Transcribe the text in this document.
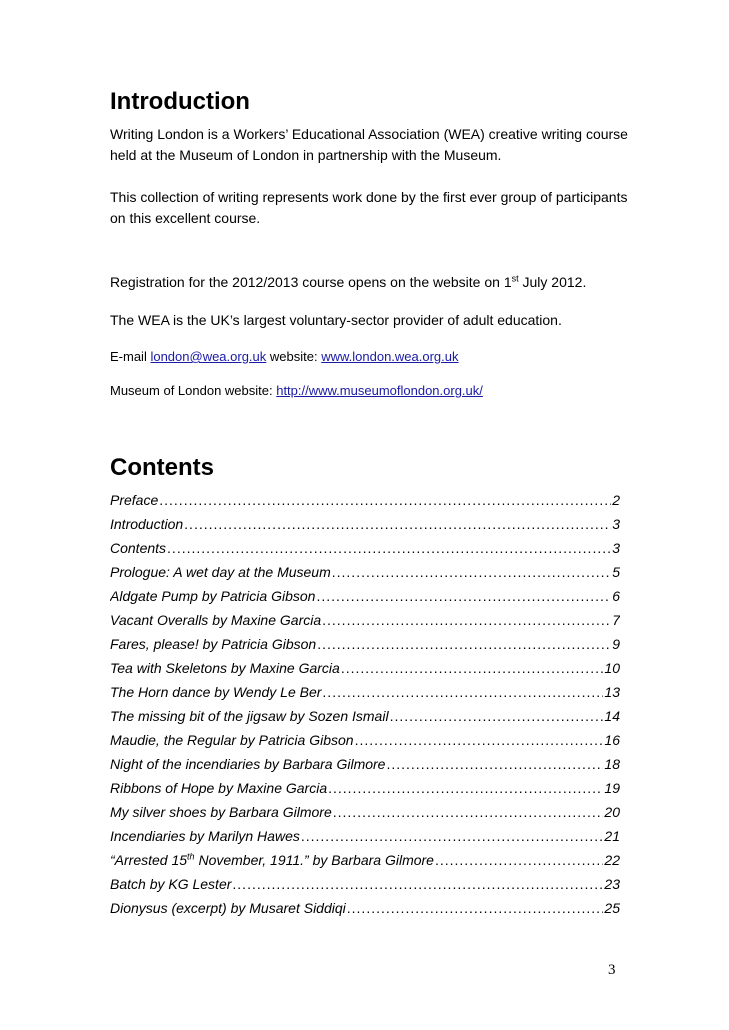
Introduction

Writing London is a Workers’ Educational Association (WEA) creative writing course held at the Museum of London in partnership with the Museum.

This collection of writing represents work done by the first ever group of participants on this excellent course.

Registration for the 2012/2013 course opens on the website on 1st July 2012.

The WEA is the UK’s largest voluntary-sector provider of adult education.

E-mail london@wea.org.uk website: www.london.wea.org.uk

Museum of London website: http://www.museumoflondon.org.uk/

Contents
Preface .....	2
Introduction .....	3
Contents .....	3
Prologue: A wet day at the Museum .....	5
Aldgate Pump by Patricia Gibson .....	6
Vacant Overalls by Maxine Garcia .....	7
Fares, please! by Patricia Gibson .....	9
Tea with Skeletons by Maxine Garcia .....	10
The Horn dance by Wendy Le Ber .....	13
The missing bit of the jigsaw by Sozen Ismail .....	14
Maudie, the Regular by Patricia Gibson .....	16
Night of the incendiaries by Barbara Gilmore .....	18
Ribbons of Hope by Maxine Garcia .....	19
My silver shoes by Barbara Gilmore .....	20
Incendiaries by Marilyn Hawes .....	21
“Arrested 15th November, 1911.” by Barbara Gilmore .....	22
Batch by KG Lester .....	23
Dionysus (excerpt) by Musaret Siddiqi .....	25
3
